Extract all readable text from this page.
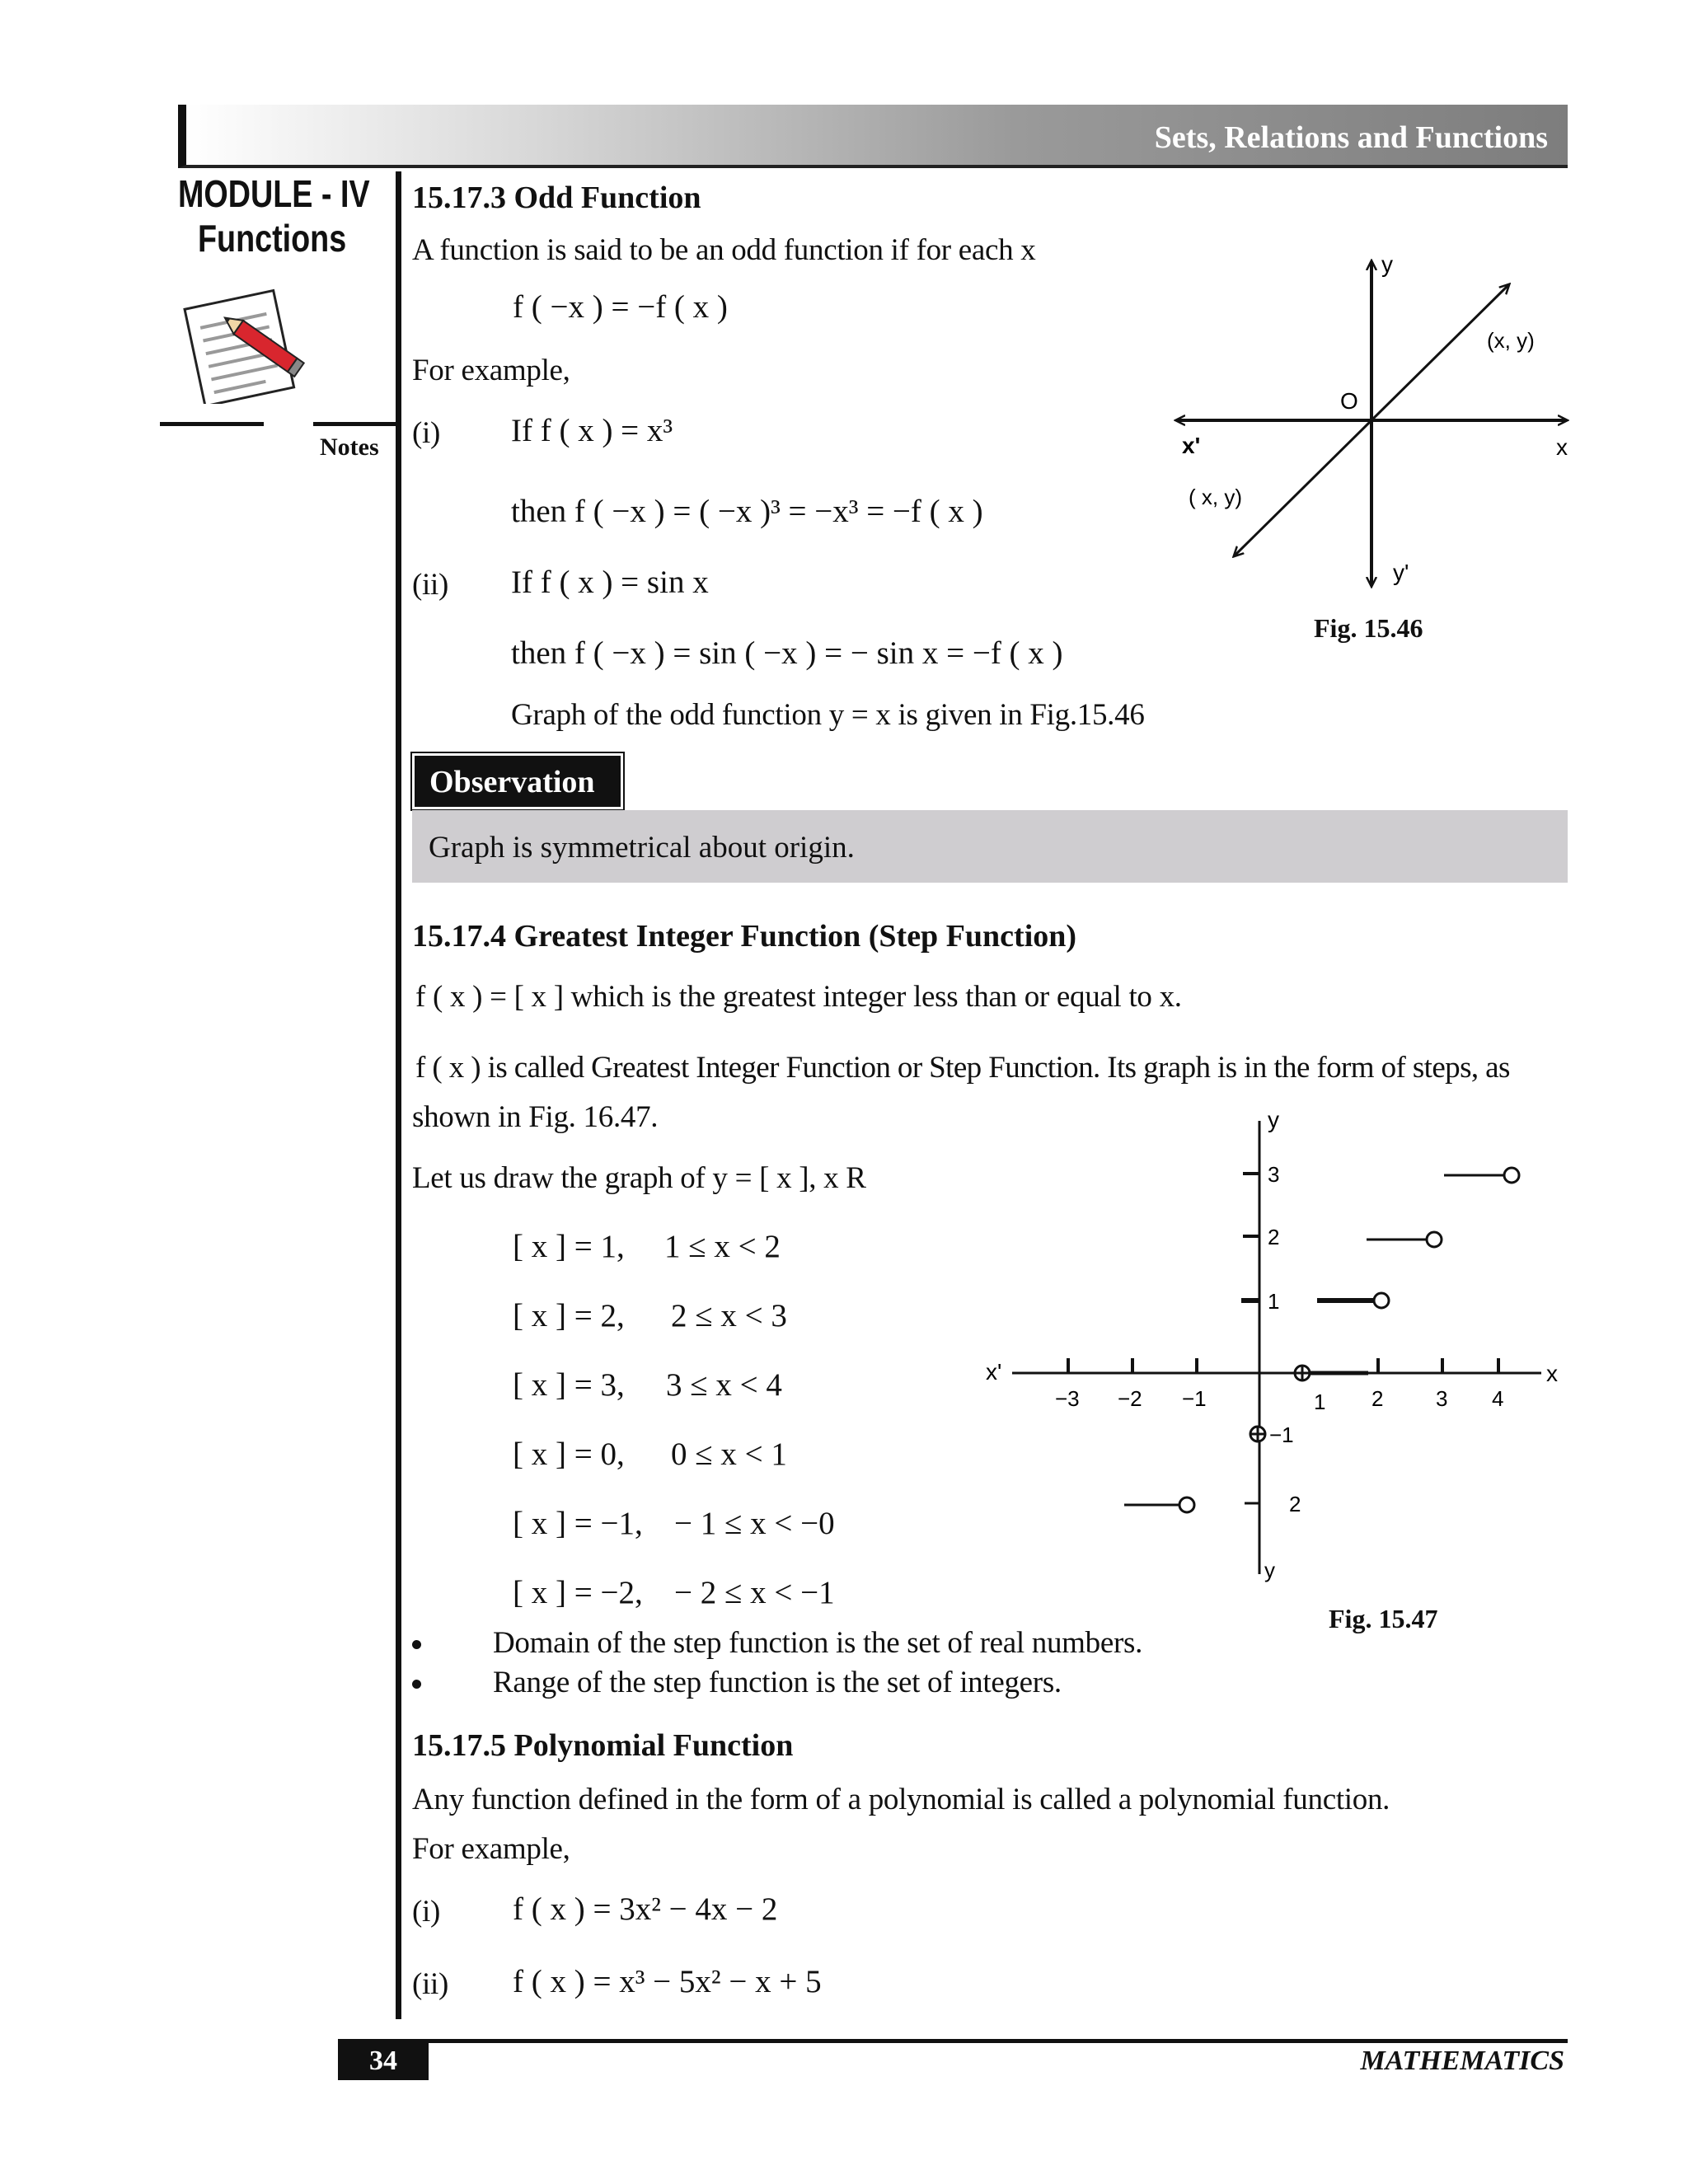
Sets, Relations and Functions
MODULE - IV
Functions
Notes
15.17.3 Odd Function
A function is said to be an odd function if for each x
f ( −x ) = −f ( x )
For example,
(i) If f ( x ) = x³
then f ( −x ) = ( −x )³ = −x³ = −f ( x )
(ii) If f ( x ) = sin x
then f ( −x ) = sin ( −x ) = − sin x = −f ( x )
Graph of the odd function y = x is given in Fig.15.46
y
y'
x
x'
O
(x, y)
( x, y)
Fig. 15.46
Observation
Graph is symmetrical about origin.
15.17.4 Greatest Integer Function (Step Function)
f ( x ) = [ x ] which is the greatest integer less than or equal to x.
f ( x ) is called Greatest Integer Function or Step Function. Its graph is in the form of steps, as
shown in Fig. 16.47.
Let us draw the graph of y = [ x ], x R
[ x ] = 1, 1 ≤ x < 2
[ x ] = 2, 2 ≤ x < 3
[ x ] = 3, 3 ≤ x < 4
[ x ] = 0, 0 ≤ x < 1
[ x ] = −1, − 1 ≤ x < −0
[ x ] = −2, − 2 ≤ x < −1
Domain of the step function is the set of real numbers.
Range of the step function is the set of integers.
y
y
x
x'
−3 −2 −1	1 2 3 4
3
2
1
−1
2
Fig. 15.47
15.17.5 Polynomial Function
Any function defined in the form of a polynomial is called a polynomial function.
For example,
(i) f ( x ) = 3x² − 4x − 2
(ii) f ( x ) = x³ − 5x² − x + 5
34	MATHEMATICS
